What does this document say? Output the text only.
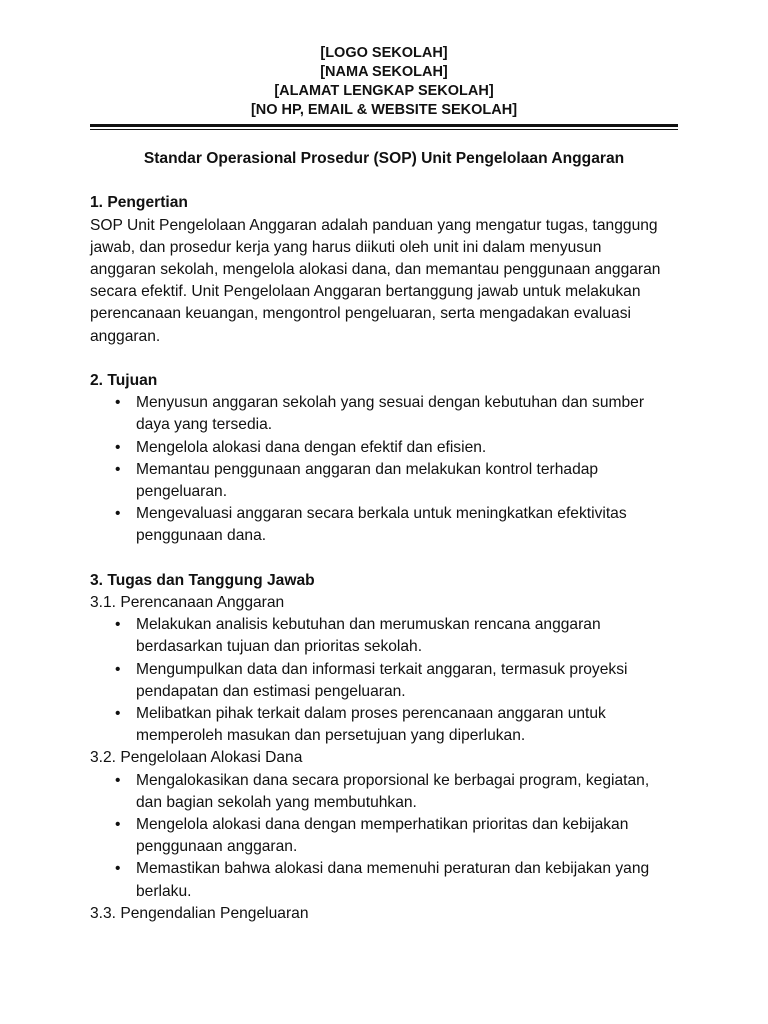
[LOGO SEKOLAH]
[NAMA SEKOLAH]
[ALAMAT LENGKAP SEKOLAH]
[NO HP, EMAIL & WEBSITE SEKOLAH]

Standar Operasional Prosedur (SOP) Unit Pengelolaan Anggaran

1. Pengertian

SOP Unit Pengelolaan Anggaran adalah panduan yang mengatur tugas, tanggung
jawab, dan prosedur kerja yang harus diikuti oleh unit ini dalam menyusun
anggaran sekolah, mengelola alokasi dana, dan memantau penggunaan anggaran
secara efektif. Unit Pengelolaan Anggaran bertanggung jawab untuk melakukan
perencanaan keuangan, mengontrol pengeluaran, serta mengadakan evaluasi
anggaran.

2. Tujuan

• Menyusun anggaran sekolah yang sesuai dengan kebutuhan dan sumber
daya yang tersedia.
• Mengelola alokasi dana dengan efektif dan efisien.
• Memantau penggunaan anggaran dan melakukan kontrol terhadap
pengeluaran.
• Mengevaluasi anggaran secara berkala untuk meningkatkan efektivitas
penggunaan dana.

3. Tugas dan Tanggung Jawab

3.1. Perencanaan Anggaran

• Melakukan analisis kebutuhan dan merumuskan rencana anggaran
berdasarkan tujuan dan prioritas sekolah.
• Mengumpulkan data dan informasi terkait anggaran, termasuk proyeksi
pendapatan dan estimasi pengeluaran.
• Melibatkan pihak terkait dalam proses perencanaan anggaran untuk
memperoleh masukan dan persetujuan yang diperlukan.

3.2. Pengelolaan Alokasi Dana

• Mengalokasikan dana secara proporsional ke berbagai program, kegiatan,
dan bagian sekolah yang membutuhkan.
• Mengelola alokasi dana dengan memperhatikan prioritas dan kebijakan
penggunaan anggaran.
• Memastikan bahwa alokasi dana memenuhi peraturan dan kebijakan yang
berlaku.

3.3. Pengendalian Pengeluaran
